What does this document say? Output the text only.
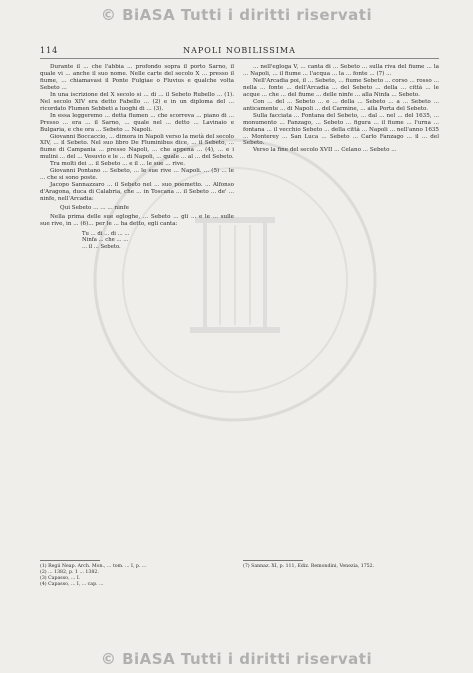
© BiASA Tutti i diritti riservati
114	NAPOLI NOBILISSIMA

Durante il ... che l'abbia ... profondo sopra il porto Sarno, il quale vi ... anche il suo nome. Nelle carte del secolo X ... presso il fiume, ... chiamavasi il Ponte Fulgiae o Fluvius e qualche volta Sebeto ...

In una iscrizione del X secolo si ... di ... il Sebeto Rubello ... (1). Nel secolo XIV era detto Fabello ... (2) e in un diploma del ... ricordato Flumen Sebbeti a luoghi di ... (3).

In essa leggeremo ... detta flumen ... che scorreva ... piano di ... Presso ... era ... il Sarno, ... quale nel ... detto ... Lavinaio e Bulgaria, e che ora ... Sebeto ... Napoli.

Giovanni Boccaccio, ... dimora in Napoli verso la metà del secolo XIV, ... il Sebeto. Nel suo libro De Fluminibus dice, ... il Sebeto, ... fiume di Campania ... presso Napoli, ... che appena ... (4), ... e i mulini ... del ... Vesuvio e le ... di Napoli, ... quale ... al ... del Sebeto.

Tra molti dei ... il Sebeto ... e il ... le sue ... rive.

Giovanni Pontano ... Sebeto, ... le sue rive ... Napoli. ... (5) ... le ... che si sono poste.

Jacopo Sannazzaro ... il Sebeto nel ... suo poemetto. ... Alfonso d'Aragona, duca di Calabria, che ... in Toscana ... il Sebeto ... de' ... ninfe, nell'Arcadia:

Qui Sebeto ... ... ... ninfe

Nella prima delle sue egloghe, ... Sebeto ... gli ... e le ... sulle sue rive, in ... (6)... per le ... ha detto, egli canta:

Tu ... di ... di ... ...
Ninfa ... che ... ...
... il ... Sebeto.

... nell'egloga V, ... canta di ... Sebeto ... sulla riva del fiume ... la ... Napoli, ... il fiume ... l'acqua ... la ... fonte ... (7) ...

Nell'Arcadia poi, il ... Sebeto, ... fiume Sebeto ... corso ... rosso ... nella ... fonte ... dell'Arcadia ... del Sebeto ... della ... città ... le acque ... che ... del fiume ... delle ninfe ... alla Ninfa ... Sebeto.

Con ... del ... Sebeto ... e ... della ... Sebeto ... a ... Sebeto ... anticamente ... di Napoli ... del Carmine, ... alla Porta del Sebeto.

Sulla facciata ... Fontana del Sebeto, ... dal ... nel ... del 1635, ... monumento ... Fanzago, ... Sebeto ... figura ... il fiume ... l'urna ... fontana ... il vecchio Sebeto ... della città ... Napoli ... nell'anno 1635 ... Monterey ... San Luca ... Sebeto ... Carlo Fanzago ... il ... del Sebeto.

Verso la fine del secolo XVII ... Celano ... Sebeto ...

(1) Regii Neap. Arch. Mon., ... tom. ... I, p. ...

(2) ... 1382, p. 1 ... 1382.

(3) Capasso, ... I.

(4) Capasso, ... I, ... cap. ...

(7) Sannaz. XI, p. 111, Ediz. Remondini, Venezia, 1752.

© BiASA Tutti i diritti riservati
